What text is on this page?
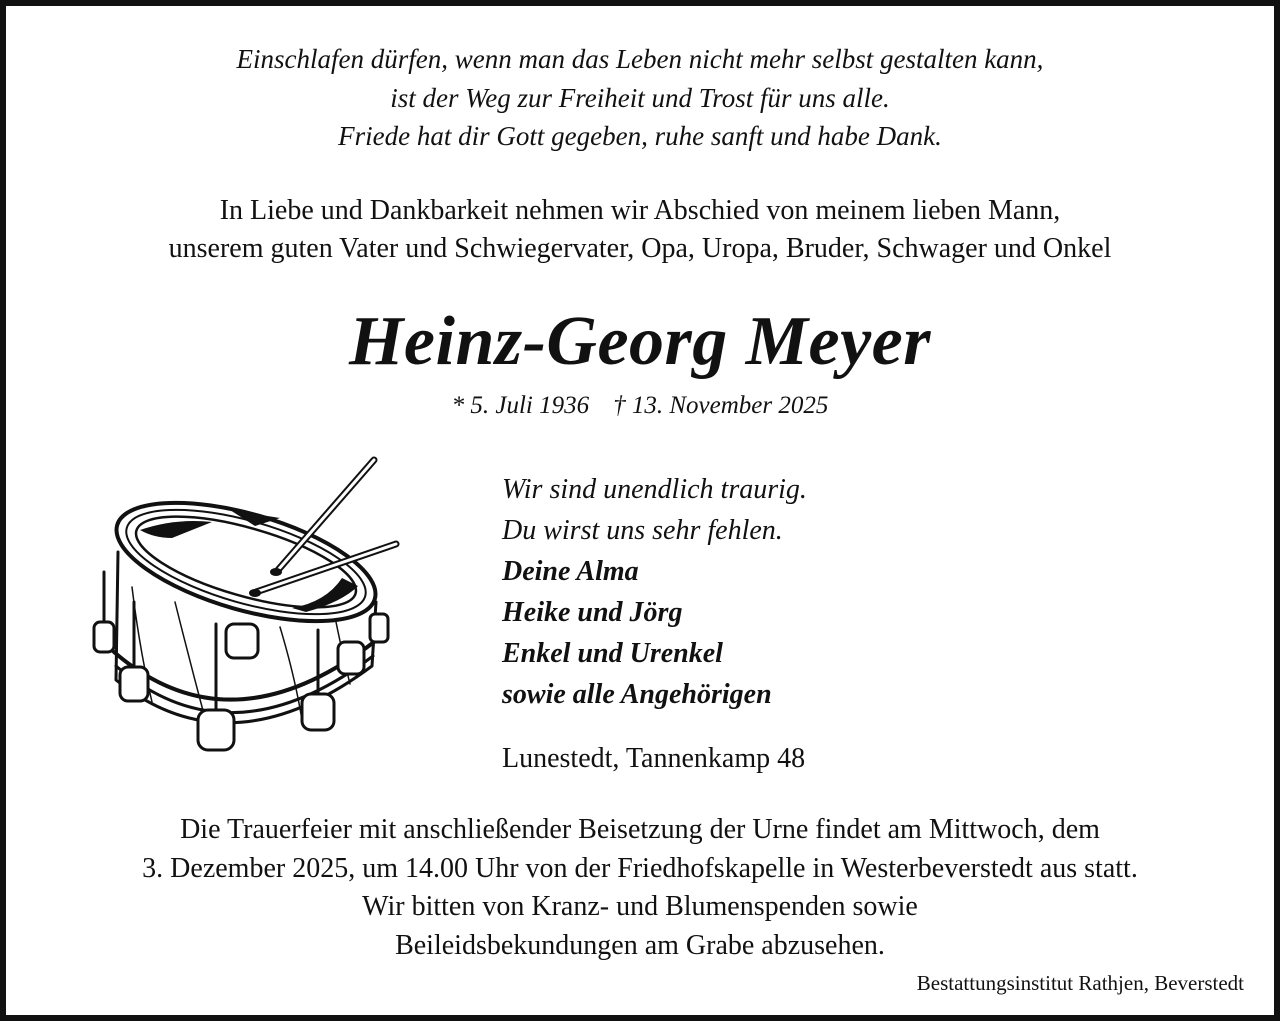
Einschlafen dürfen, wenn man das Leben nicht mehr selbst gestalten kann,
ist der Weg zur Freiheit und Trost für uns alle.
Friede hat dir Gott gegeben, ruhe sanft und habe Dank.
In Liebe und Dankbarkeit nehmen wir Abschied von meinem lieben Mann,
unserem guten Vater und Schwiegervater, Opa, Uropa, Bruder, Schwager und Onkel
Heinz-Georg Meyer
* 5. Juli 1936 † 13. November 2025
Wir sind unendlich traurig.
Du wirst uns sehr fehlen.
Deine Alma
Heike und Jörg
Enkel und Urenkel
sowie alle Angehörigen
Lunestedt, Tannenkamp 48
Die Trauerfeier mit anschließender Beisetzung der Urne findet am Mittwoch, dem
3. Dezember 2025, um 14.00 Uhr von der Friedhofskapelle in Westerbeverstedt aus statt.
Wir bitten von Kranz- und Blumenspenden sowie
Beileidsbekundungen am Grabe abzusehen.
Bestattungsinstitut Rathjen, Beverstedt
